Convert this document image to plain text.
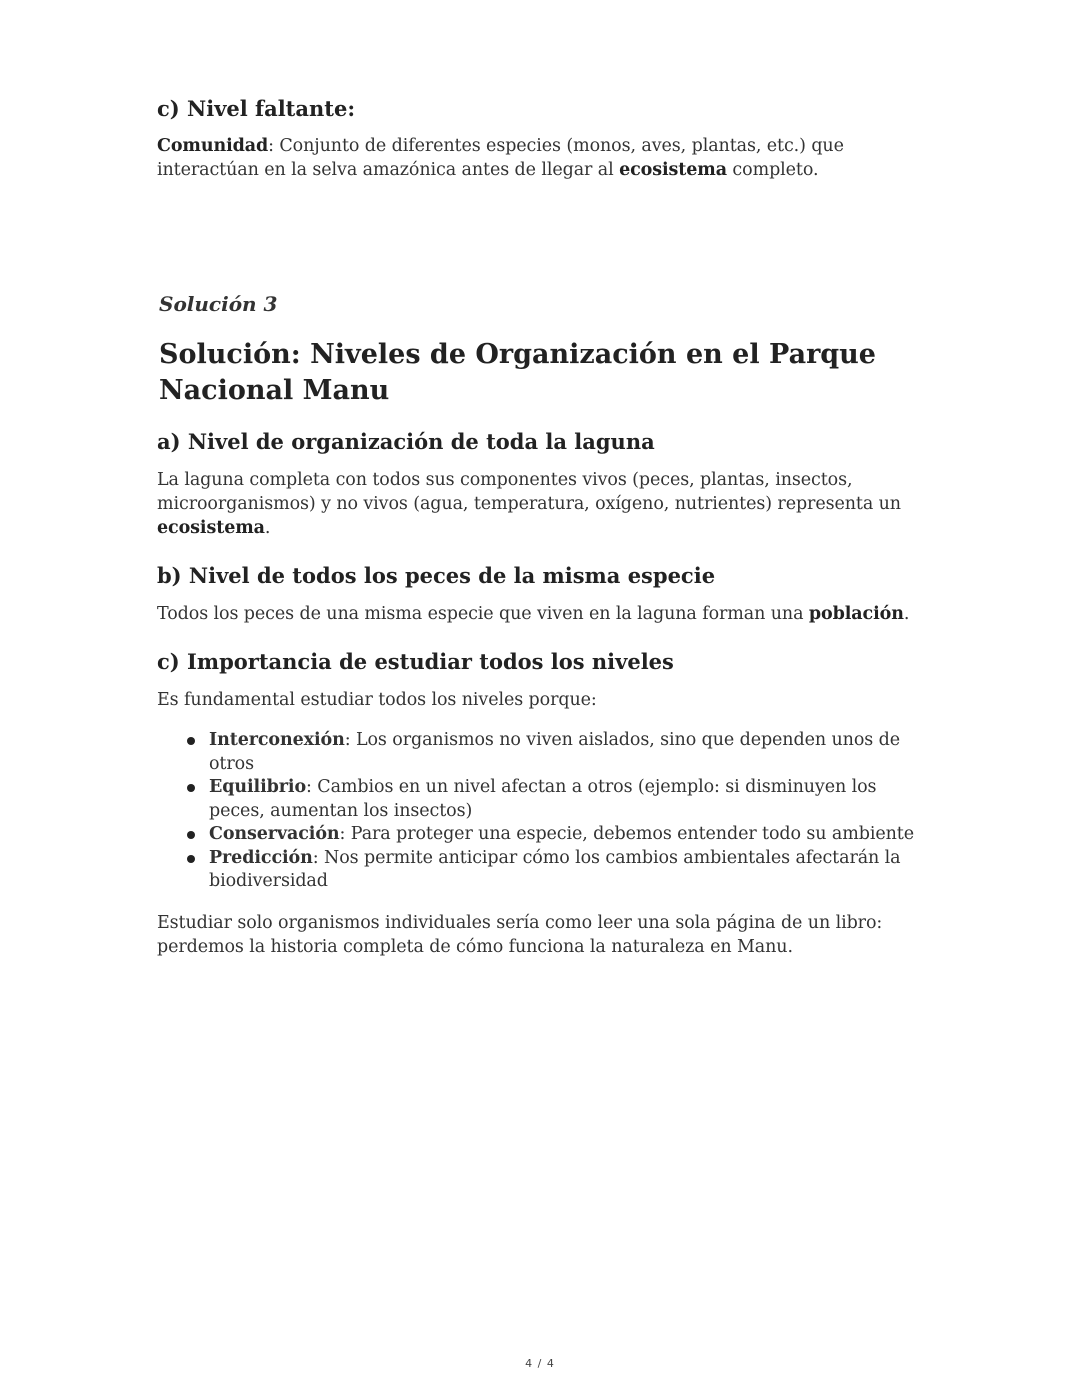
c) Nivel faltante:

Comunidad: Conjunto de diferentes especies (monos, aves, plantas, etc.) que interactúan en la selva amazónica antes de llegar al ecosistema completo.

Solución 3
Solución: Niveles de Organización en el Parque Nacional Manu
a) Nivel de organización de toda la laguna

La laguna completa con todos sus componentes vivos (peces, plantas, insectos, microorganismos) y no vivos (agua, temperatura, oxígeno, nutrientes) representa un ecosistema.

b) Nivel de todos los peces de la misma especie

Todos los peces de una misma especie que viven en la laguna forman una población.

c) Importancia de estudiar todos los niveles

Es fundamental estudiar todos los niveles porque:

Interconexión: Los organismos no viven aislados, sino que dependen unos de otros
Equilibrio: Cambios en un nivel afectan a otros (ejemplo: si disminuyen los peces, aumentan los insectos)
Conservación: Para proteger una especie, debemos entender todo su ambiente
Predicción: Nos permite anticipar cómo los cambios ambientales afectarán la biodiversidad

Estudiar solo organismos individuales sería como leer una sola página de un libro: perdemos la historia completa de cómo funciona la naturaleza en Manu.

4 / 4
